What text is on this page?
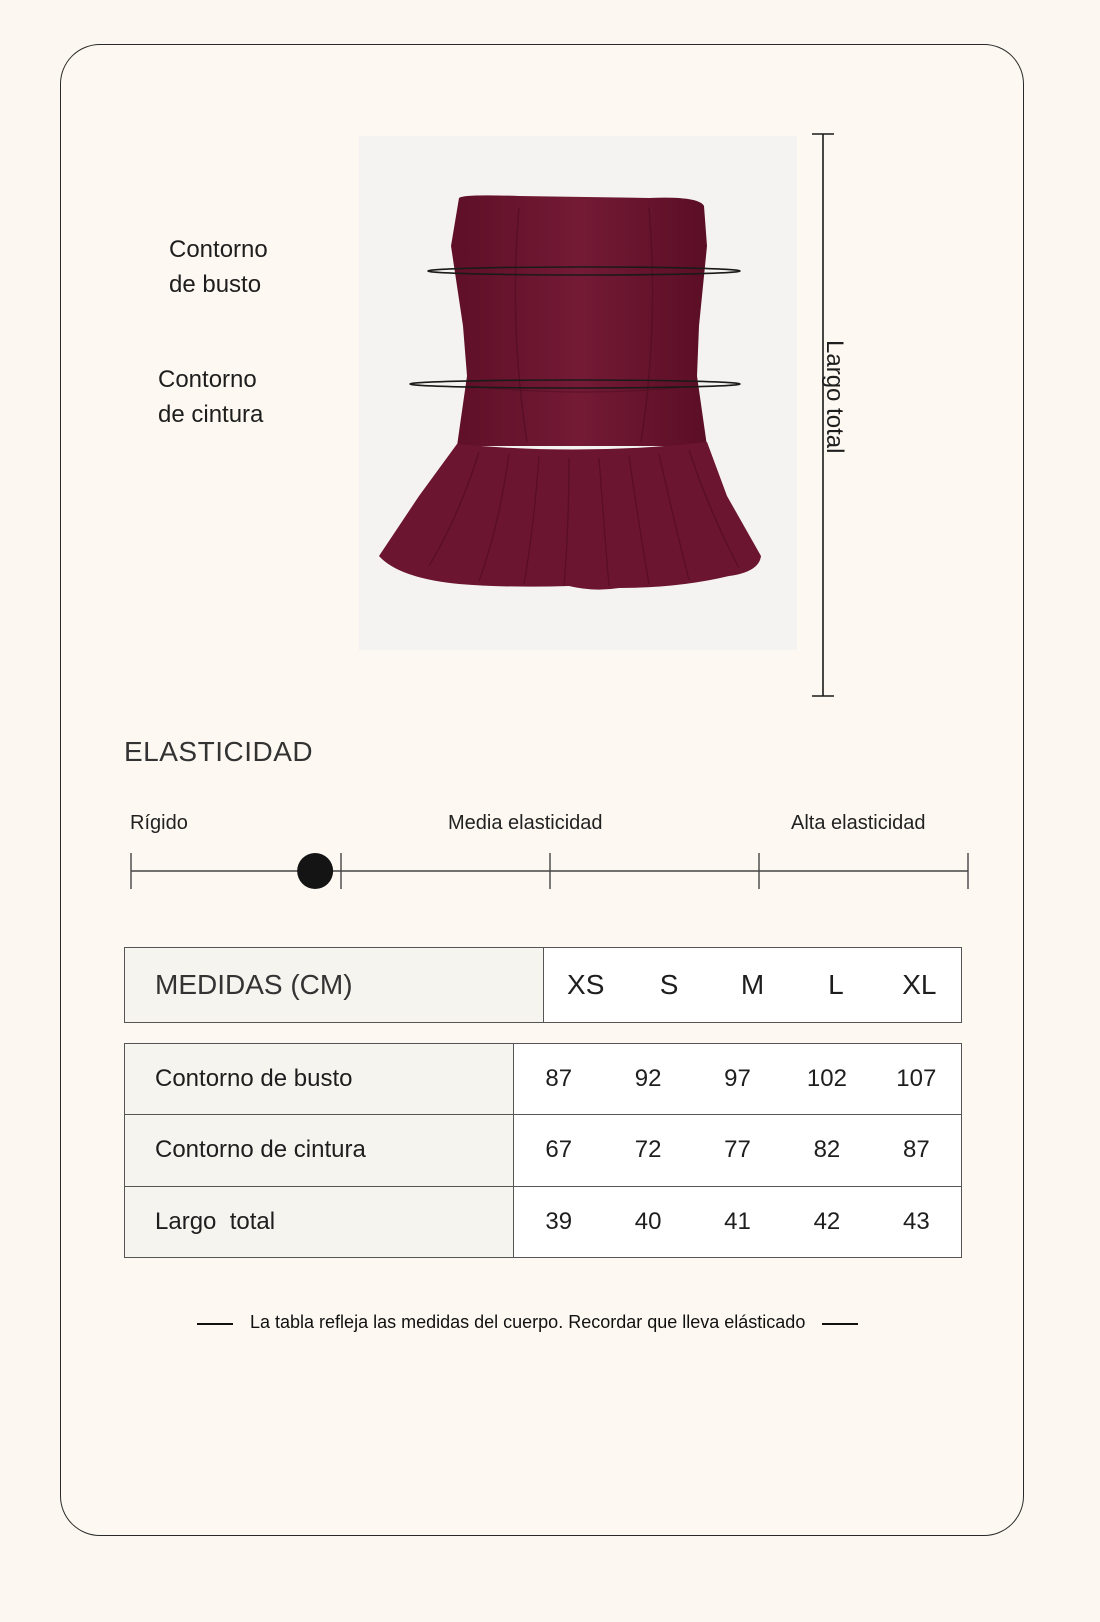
Contorno
de busto
Contorno
de cintura	Largo total
ELASTICIDAD
Rígido	Media elasticidad	Alta elasticidad
MEDIDAS (CM)	XS	S	M	L	XL
Contorno de busto	87 92 97 102 107

Contorno de cintura	67 72 77 82 87

Largo  total	39 40 41 42 43
La tabla refleja las medidas del cuerpo. Recordar que lleva elásticado
